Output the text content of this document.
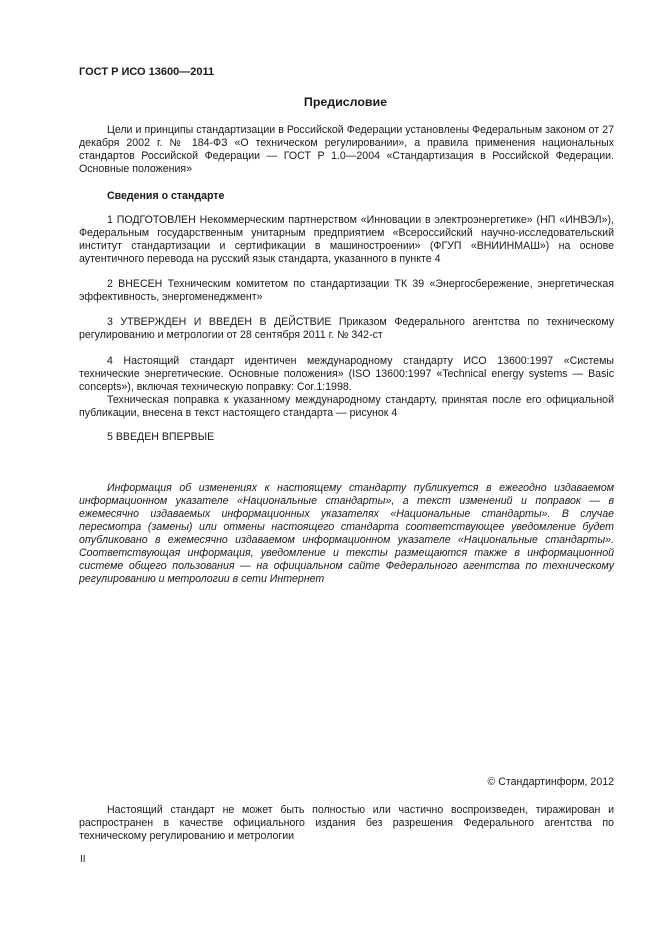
ГОСТ Р ИСО 13600—2011
Предисловие
Цели и принципы стандартизации в Российской Федерации установлены Федеральным законом от 27 декабря 2002 г. № 184-ФЗ «О техническом регулировании», а правила применения национальных стандартов Российской Федерации — ГОСТ Р 1.0—2004 «Стандартизация в Российской Федерации. Основные положения»
Сведения о стандарте
1 ПОДГОТОВЛЕН Некоммерческим партнерством «Инновации в электроэнергетике» (НП «ИНВЭЛ»), Федеральным государственным унитарным предприятием «Всероссийский научно-исследовательский институт стандартизации и сертификации в машиностроении» (ФГУП «ВНИИНМАШ») на основе аутентичного перевода на русский язык стандарта, указанного в пункте 4
2 ВНЕСЕН Техническим комитетом по стандартизации ТК 39 «Энергосбережение, энергетическая эффективность, энергоменеджмент»
3 УТВЕРЖДЕН И ВВЕДЕН В ДЕЙСТВИЕ Приказом Федерального агентства по техническому регулированию и метрологии от 28 сентября 2011 г. № 342-ст
4 Настоящий стандарт идентичен международному стандарту ИСО 13600:1997 «Системы технические энергетические. Основные положения» (ISO 13600:1997 «Technical energy systems — Basic concepts»), включая техническую поправку: Cor.1:1998.
Техническая поправка к указанному международному стандарту, принятая после его официальной публикации, внесена в текст настоящего стандарта — рисунок 4
5 ВВЕДЕН ВПЕРВЫЕ
Информация об изменениях к настоящему стандарту публикуется в ежегодно издаваемом информационном указателе «Национальные стандарты», а текст изменений и поправок — в ежемесячно издаваемых информационных указателях «Национальные стандарты». В случае пересмотра (замены) или отмены настоящего стандарта соответствующее уведомление будет опубликовано в ежемесячно издаваемом информационном указателе «Национальные стандарты». Соответствующая информация, уведомление и тексты размещаются также в информационной системе общего пользования — на официальном сайте Федерального агентства по техническому регулированию и метрологии в сети Интернет
© Стандартинформ, 2012
Настоящий стандарт не может быть полностью или частично воспроизведен, тиражирован и распространен в качестве официального издания без разрешения Федерального агентства по техническому регулированию и метрологии
II
